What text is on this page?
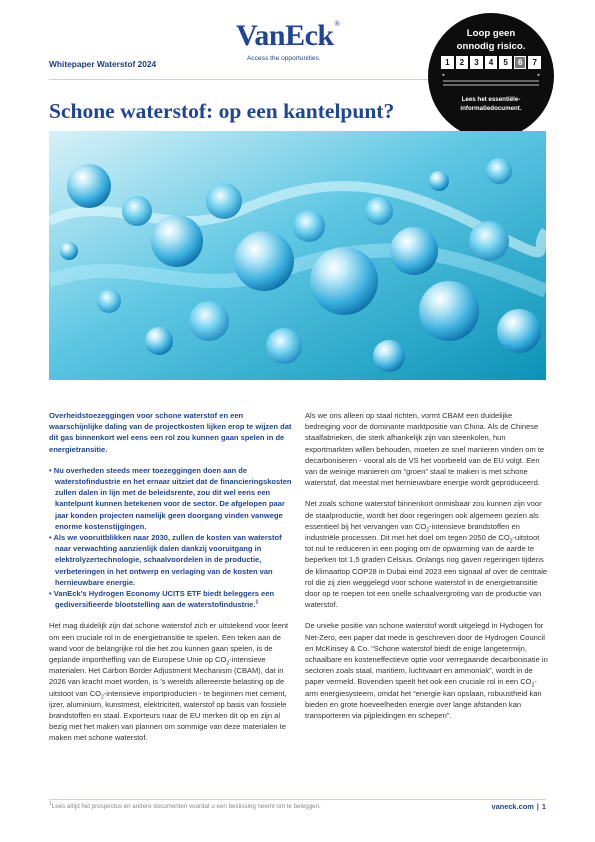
Whitepaper Waterstof 2024
VanEck®
Access the opportunities.
Loop geen
onnodig risico.
1	2	3	4	5	6	7
◄	►
Lees het essentiële-
informatiedocument.
Schone waterstof: op een kantelpunt?

Overheidstoezeggingen voor schone waterstof en een waarschijnlijke daling van de projectkosten lijken erop te wijzen dat dit gas binnenkort wel eens een rol zou kunnen gaan spelen in de energietransitie.

• Nu overheden steeds meer toezeggingen doen aan de waterstofindustrie en het ernaar uitziet dat de financieringskosten zullen dalen in lijn met de beleidsrente, zou dit wel eens een kantelpunt kunnen betekenen voor de sector. De afgelopen paar jaar konden projecten namelijk geen doorgang vinden vanwege enorme kostenstijgingen.
• Als we vooruitblikken naar 2030, zullen de kosten van waterstof naar verwachting aanzienlijk dalen dankzij vooruitgang in elektrolyzertechnologie, schaalvoordelen in de productie, verbeteringen in het ontwerp en verlaging van de kosten van hernieuwbare energie.
• VanEck’s Hydrogen Economy UCITS ETF biedt beleggers een gediversifieerde blootstelling aan de waterstofindustrie.$^1$

Het mag duidelijk zijn dat schone waterstof zich er uitstekend voor leent om een cruciale rol in de energietransitie te spelen. Een teken aan de wand voor de belangrijke rol die het zou kunnen gaan spelen, is de geplande importheffing van de Europese Unie op $CO_2$-intensieve materialen. Het Carbon Border Adjustment Mechanism (CBAM), dat in 2026 van kracht moet worden, is ’s werelds allereerste belasting op de uitstoot van $CO_2$-intensieve importproducten - te beginnen met cement, ijzer, aluminium, kunstmest, elektriciteit, waterstof op basis van fossiele brandstoffen en staal. Exporteurs naar de EU merken dit op en zijn al bezig met het maken van plannen om sommige van deze materialen te maken met schone waterstof.

Als we ons alleen op staal richten, vormt CBAM een duidelijke bedreiging voor de dominante marktpositie van China. Als de Chinese staalfabrieken, die sterk afhankelijk zijn van steenkolen, hun exportmarkten willen behouden, moeten ze snel manieren vinden om te decarboniseren - vooral als de VS het voorbeeld van de EU volgt. Een van de weinige manieren om “groen” staal te maken is met schone waterstof, dat meestal met hernieuwbare energie wordt geproduceerd.

Net zoals schone waterstof binnenkort onmisbaar zou kunnen zijn voor de staalproductie, wordt het door regeringen ook algemeen gezien als essentieel bij het vervangen van $CO_2$-intensieve brandstoffen en industriële processen. Dit met het doel om tegen 2050 de $CO_2$-uitstoot tot nul te reduceren in een poging om de opwarming van de aarde te beperken tot 1,5 graden Celsius. Onlangs nog gaven regeringen tijdens de klimaattop COP28 in Dubai eind 2023 een signaal af over de centrale rol die zij zien weggelegd voor schone waterstof in de energietransitie door op te roepen tot een snelle schaalvergroting van de productie van waterstof.

De unieke positie van schone waterstof wordt uitgelegd in Hydrogen for Net-Zero, een paper dat mede is geschreven door de Hydrogen Council en McKinsey & Co. “Schone waterstof biedt de enige langetermijn, schaalbare en kosteneffectieve optie voor verregaande decarbonisatie in sectoren zoals staal, maritiem, luchtvaart en ammoniak”, wordt in de paper vermeld. Bovendien speelt het ook een cruciale rol in een $CO_2$-arm energiesysteem, omdat het “energie kan opslaan, robuustheid kan bieden en grote hoeveelheden energie over lange afstanden kan transporteren via pijpleidingen en schepen”.

$^1$Lees altijd het prospectus en andere documenten voordat u een beslissing neemt om te beleggen.	vaneck.com | 1
